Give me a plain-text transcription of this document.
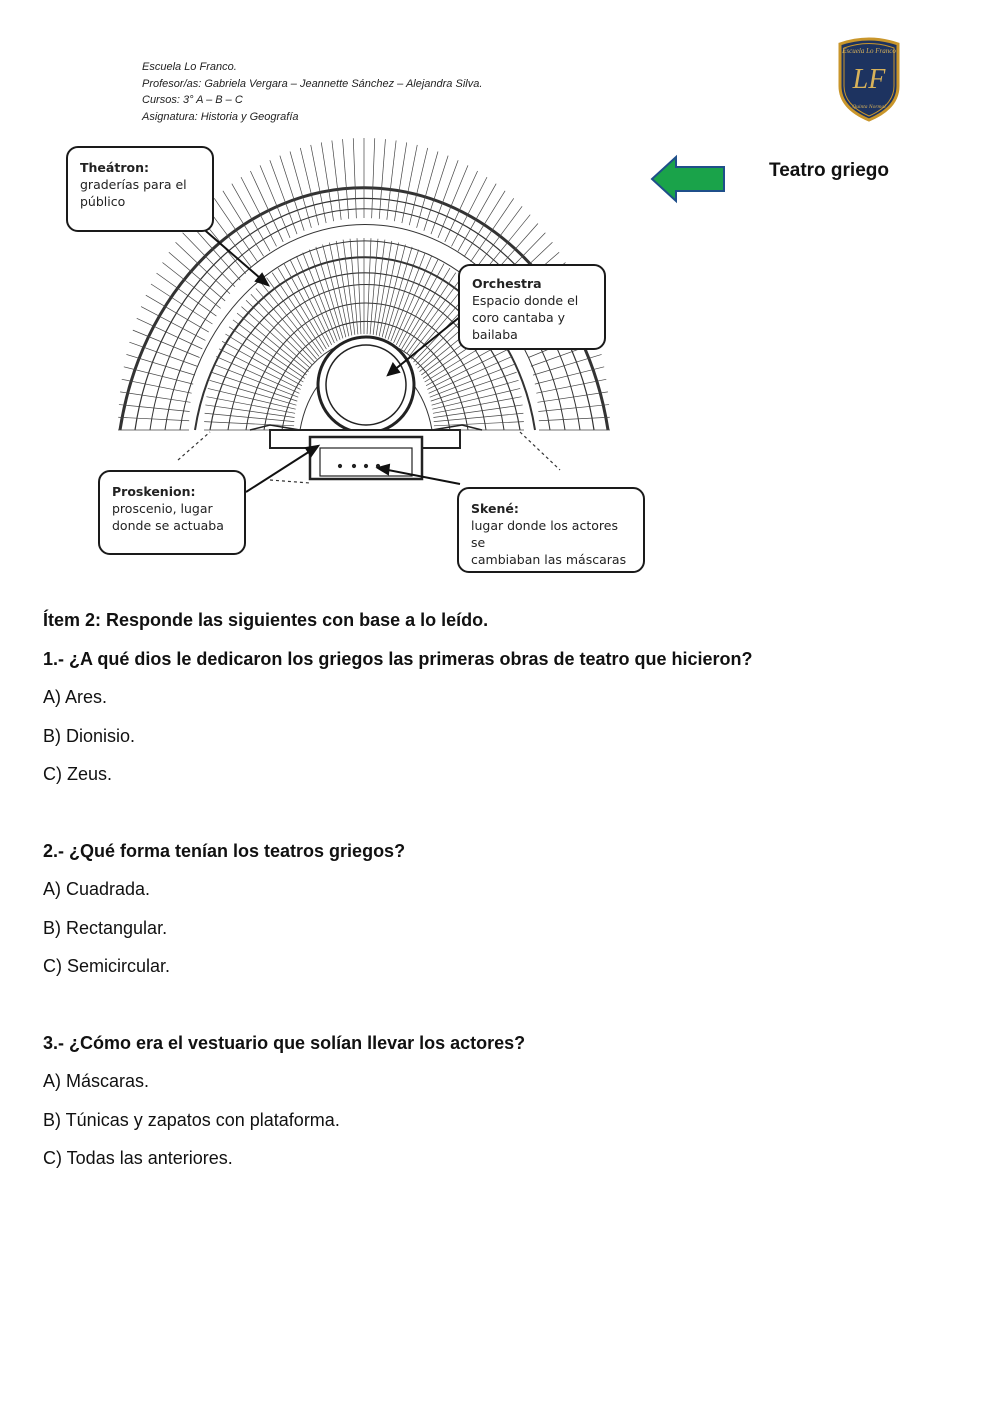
Escuela Lo Franco.
Profesor/as: Gabriela Vergara – Jeannette Sánchez – Alejandra Silva.
Cursos: 3° A – B – C
Asignatura: Historia y Geografía
Escuela Lo Franco
LF
Quinta Normal
Theátron:
graderías para el
público
Orchestra
Espacio donde el
coro cantaba y
bailaba
Proskenion:
proscenio, lugar
donde se actuaba
Skené:
lugar donde los actores se
cambiaban las máscaras
Teatro griego
Ítem 2: Responde las siguientes con base a lo leído.
1.- ¿A qué dios le dedicaron los griegos las primeras obras de teatro que hicieron?
A) Ares.
B) Dionisio.
C) Zeus.
2.- ¿Qué forma tenían los teatros griegos?
A) Cuadrada.
B) Rectangular.
C) Semicircular.
3.- ¿Cómo era el vestuario que solían llevar los actores?
A) Máscaras.
B) Túnicas y zapatos con plataforma.
C) Todas las anteriores.
